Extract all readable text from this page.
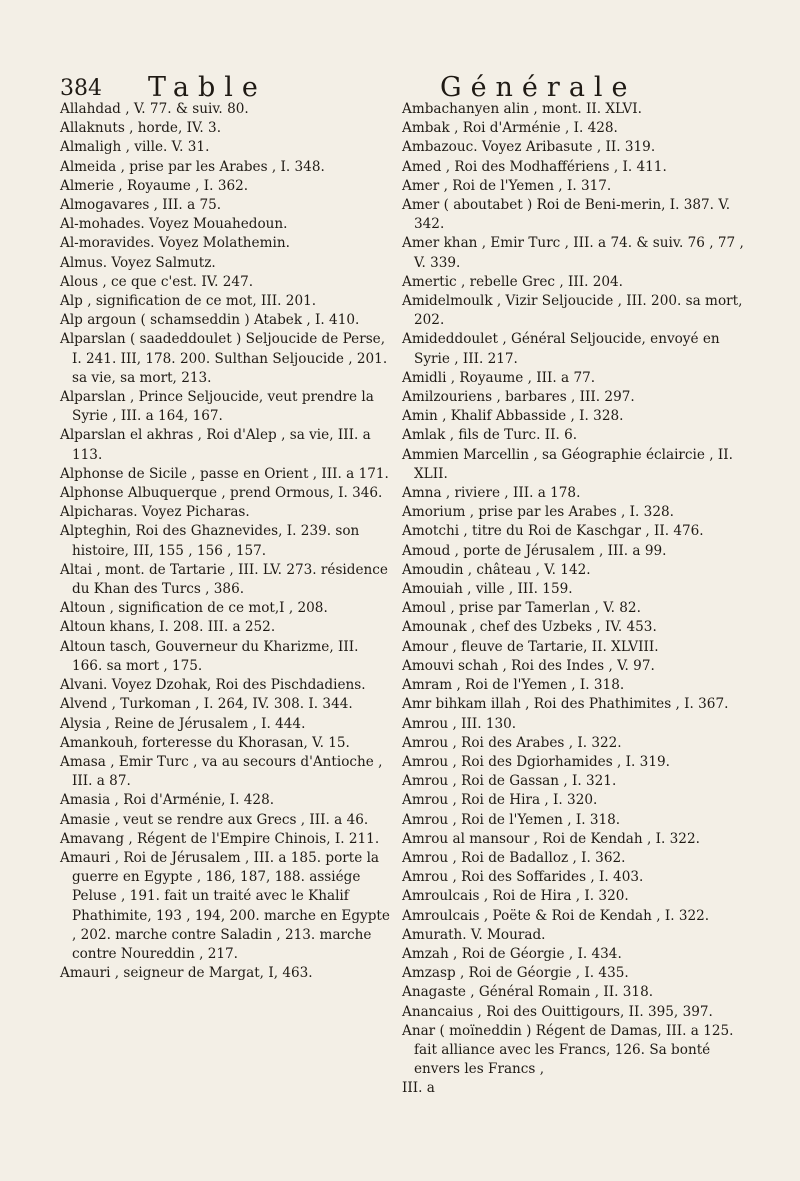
384 Table	Générale

Allahdad , V. 77. & suiv. 80.

Allaknuts , horde, IV. 3.

Almaligh , ville. V. 31.

Almeida , prise par les Arabes , I. 348.

Almerie , Royaume , I. 362.

Almogavares , III. a 75.

Al-mohades. Voyez Mouahedoun.

Al-moravides. Voyez Molathemin.

Almus. Voyez Salmutz.

Alous , ce que c'est. IV. 247.

Alp , signification de ce mot, III. 201.

Alp argoun ( schamseddin ) Atabek , I. 410.

Alparslan ( saadeddoulet ) Seljoucide de Perse, I. 241. III, 178. 200. Sulthan Seljoucide , 201. sa vie, sa mort, 213.

Alparslan , Prince Seljoucide, veut prendre la Syrie , III. a 164, 167.

Alparslan el akhras , Roi d'Alep , sa vie, III. a 113.

Alphonse de Sicile , passe en Orient , III. a 171.

Alphonse Albuquerque , prend Ormous, I. 346.

Alpicharas. Voyez Picharas.

Alpteghin, Roi des Ghaznevides, I. 239. son histoire, III, 155 , 156 , 157.

Altai , mont. de Tartarie , III. LV. 273. résidence du Khan des Turcs , 386.

Altoun , signification de ce mot,I , 208.

Altoun khans, I. 208. III. a 252.

Altoun tasch, Gouverneur du Kharizme, III. 166. sa mort , 175.

Alvani. Voyez Dzohak, Roi des Pischdadiens.

Alvend , Turkoman , I. 264, IV. 308. I. 344.

Alysia , Reine de Jérusalem , I. 444.

Amankouh, forteresse du Khorasan, V. 15.

Amasa , Emir Turc , va au secours d'Antioche , III. a 87.

Amasia , Roi d'Arménie, I. 428.

Amasie , veut se rendre aux Grecs , III. a 46.

Amavang , Régent de l'Empire Chinois, I. 211.

Amauri , Roi de Jérusalem , III. a 185. porte la guerre en Egypte , 186, 187, 188. assiége Peluse , 191. fait un traité avec le Khalif Phathimite, 193 , 194, 200. marche en Egypte , 202. marche contre Saladin , 213. marche contre Noureddin , 217.

Amauri , seigneur de Margat, I, 463.

Ambachanyen alin , mont. II. XLVI.

Ambak , Roi d'Arménie , I. 428.

Ambazouc. Voyez Aribasute , II. 319.

Amed , Roi des Modhaffériens , I. 411.

Amer , Roi de l'Yemen , I. 317.

Amer ( aboutabet ) Roi de Beni-merin, I. 387. V. 342.

Amer khan , Emir Turc , III. a 74. & suiv. 76 , 77 , V. 339.

Amertic , rebelle Grec , III. 204.

Amidelmoulk , Vizir Seljoucide , III. 200. sa mort, 202.

Amideddoulet , Général Seljoucide, envoyé en Syrie , III. 217.

Amidli , Royaume , III. a 77.

Amilzouriens , barbares , III. 297.

Amin , Khalif Abbasside , I. 328.

Amlak , fils de Turc. II. 6.

Ammien Marcellin , sa Géographie éclaircie , II. XLII.

Amna , riviere , III. a 178.

Amorium , prise par les Arabes , I. 328.

Amotchi , titre du Roi de Kaschgar , II. 476.

Amoud , porte de Jérusalem , III. a 99.

Amoudin , château , V. 142.

Amouiah , ville , III. 159.

Amoul , prise par Tamerlan , V. 82.

Amounak , chef des Uzbeks , IV. 453.

Amour , fleuve de Tartarie, II. XLVIII.

Amouvi schah , Roi des Indes , V. 97.

Amram , Roi de l'Yemen , I. 318.

Amr bihkam illah , Roi des Phathimites , I. 367.

Amrou , III. 130.

Amrou , Roi des Arabes , I. 322.

Amrou , Roi des Dgiorhamides , I. 319.

Amrou , Roi de Gassan , I. 321.

Amrou , Roi de Hira , I. 320.

Amrou , Roi de l'Yemen , I. 318.

Amrou al mansour , Roi de Kendah , I. 322.

Amrou , Roi de Badalloz , I. 362.

Amrou , Roi des Soffarides , I. 403.

Amroulcais , Roi de Hira , I. 320.

Amroulcais , Poëte & Roi de Kendah , I. 322.

Amurath. V. Mourad.

Amzah , Roi de Géorgie , I. 434.

Amzasp , Roi de Géorgie , I. 435.

Anagaste , Général Romain , II. 318.

Anancaius , Roi des Ouittigours, II. 395, 397.

Anar ( moïneddin ) Régent de Damas, III. a 125. fait alliance avec les Francs, 126. Sa bonté envers les Francs ,

III. a
